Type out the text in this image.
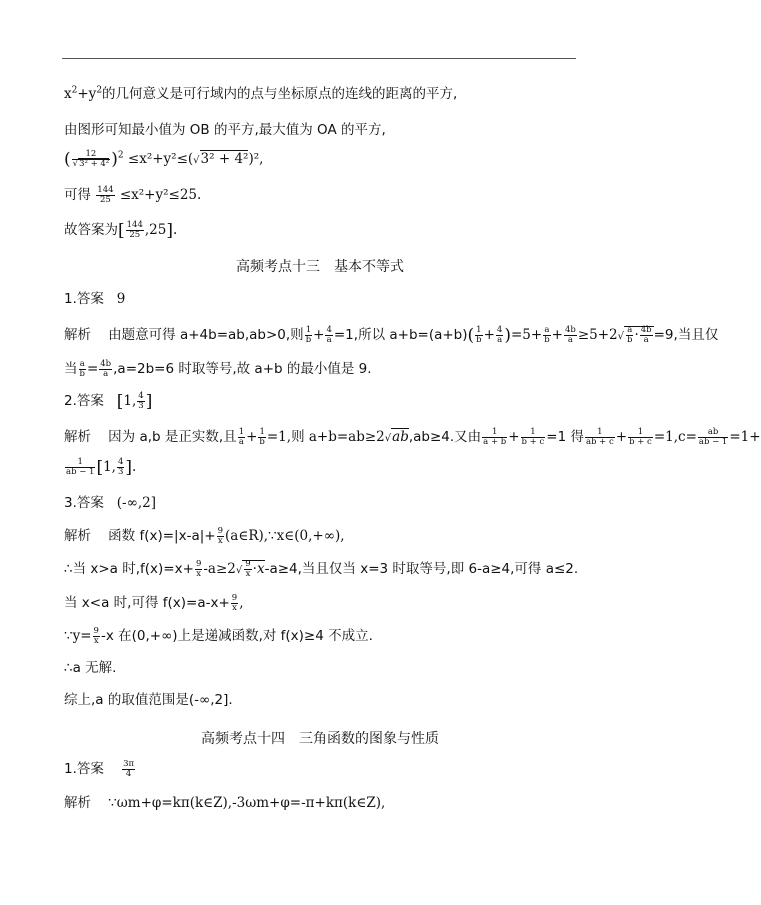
$x^2+y^2$的几何意义是可行域内的点与坐标原点的连线的距离的平方,
由图形可知最小值为 OB 的平方,最大值为 OA 的平方,
( $\frac{12}{\text{√3² + 4²}} )^2 \le x^2+y^2\le(√3^2 + 4^2)^2$,
可得 $\frac{144}{25} \le x^2+y^2\le 25$.
故答案为[ $\frac{144}{25} ,25$].
高频考点十三　基本不等式
1.答案 9
解析 由题意可得 a+4b=ab,ab>0,则 $\frac{1}{b} + \frac{4}{a} =1$,所以 $a+b=(a+b)( \frac{1}{b} + \frac{4}{a} )=5+ \frac{a}{b} + \frac{4b}{a} \ge 5+2√ \frac{a}{b} \cdot \frac{4b}{a} =9$,当且仅
当 $\frac{a}{b} = \frac{4b}{a} ,a=2b=6$ 时取等号,故 a+b 的最小值是 9.
2.答案 [1, $\frac{4}{3}$ ]
解析 因为 a,b 是正实数,且 $\frac{1}{a} + \frac{1}{b} =1$,则 a+b=ab≥2√ab,ab≥4.又由 $\frac{1}{a + b} + \frac{1}{b + c} =1$ 得 $\frac{1}{ab + c} + \frac{1}{b + c} =1,c= \frac{ab}{ab - 1} =1+$
$\frac{1}{ab - 1} [1$, $\frac{4}{3}$ ].
3.答案 (-∞,2]
解析 函数 $f(x)=|x-a|+ \frac{9}{x}$ (a∈R),∵x∈(0,+∞),
∴当 x>a 时$,f(x)=x+ \frac{9}{x} -a\ge 2√ \frac{9}{x} \cdot x-a\ge 4$,当且仅当 x=3 时取等号,即 6-a≥4,可得 a≤2.
当 x<a 时,可得 $f(x)=a-x+ \frac{9}{x}$ ,
∵y= $\frac{9}{x} -x$ 在(0,+∞)上是递减函数,对 f(x)≥4 不成立.
∴a 无解.
综上,a 的取值范围是(-∞,2].
高频考点十四　三角函数的图象与性质
1.答案 $\frac{3\pi}{4}$
解析 ∵ωm+φ=kπ(k∈Z),-3ωm+φ=-π+kπ(k∈Z),
